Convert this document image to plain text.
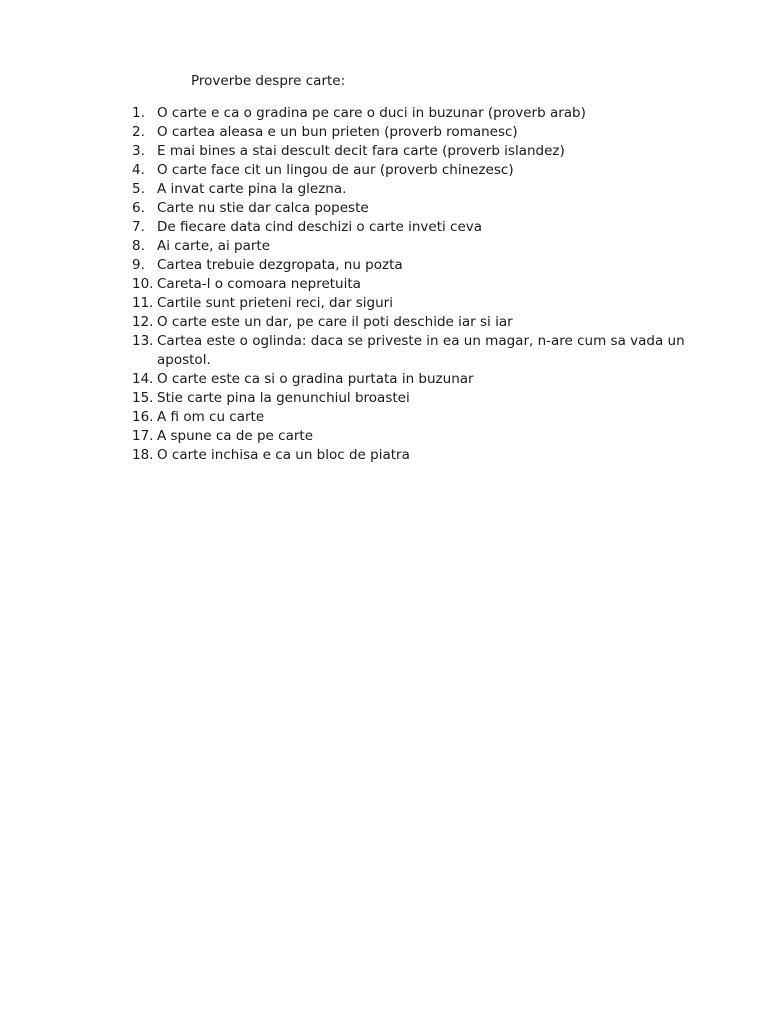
Proverbe despre carte:
1. O carte e ca o gradina pe care o duci in buzunar (proverb arab)
2. O cartea aleasa e un bun prieten (proverb romanesc)
3. E mai bines a stai descult decit fara carte (proverb islandez)
4. O carte face cit un lingou de aur (proverb chinezesc)
5. A invat carte pina la glezna.
6. Carte nu stie dar calca popeste
7. De fiecare data cind deschizi o carte inveti ceva
8. Ai carte, ai parte
9. Cartea trebuie dezgropata, nu pozta
10. Careta-l o comoara nepretuita
11. Cartile sunt prieteni reci, dar siguri
12. O carte este un dar, pe care il poti deschide iar si iar
13. Cartea este o oglinda: daca se priveste in ea un magar, n-are cum sa vada un apostol.
14. O carte este ca si o gradina purtata in buzunar
15. Stie carte pina la genunchiul broastei
16. A fi om cu carte
17. A spune ca de pe carte
18. O carte inchisa e ca un bloc de piatra
